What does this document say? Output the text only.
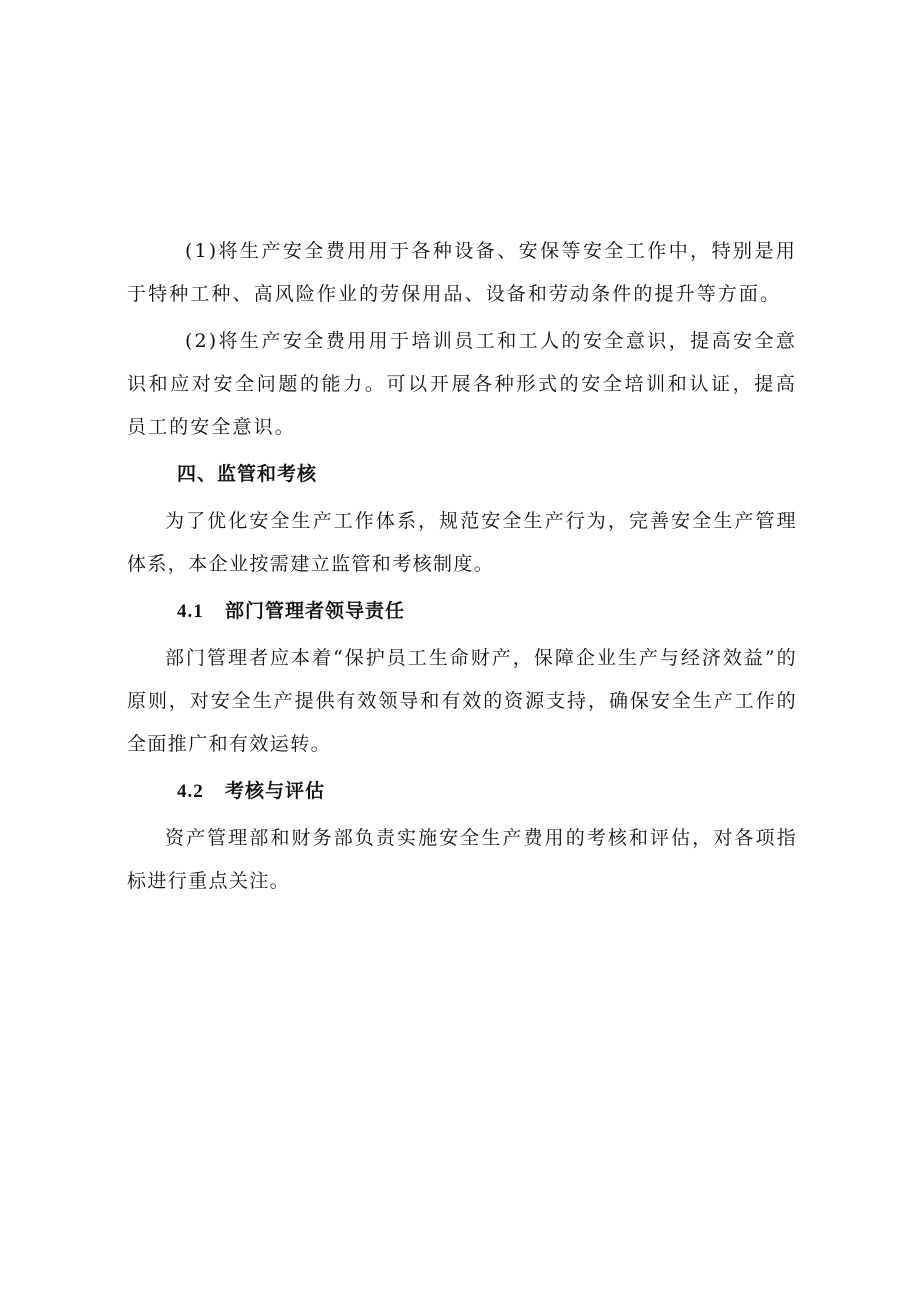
(1)将生产安全费用用于各种设备、安保等安全工作中，特别是用于特种工种、高风险作业的劳保用品、设备和劳动条件的提升等方面。

(2)将生产安全费用用于培训员工和工人的安全意识，提高安全意识和应对安全问题的能力。可以开展各种形式的安全培训和认证，提高员工的安全意识。

四、监管和考核

为了优化安全生产工作体系，规范安全生产行为，完善安全生产管理体系，本企业按需建立监管和考核制度。

4.1 部门管理者领导责任

部门管理者应本着“保护员工生命财产，保障企业生产与经济效益”的原则，对安全生产提供有效领导和有效的资源支持，确保安全生产工作的全面推广和有效运转。

4.2 考核与评估

资产管理部和财务部负责实施安全生产费用的考核和评估，对各项指标进行重点关注。
